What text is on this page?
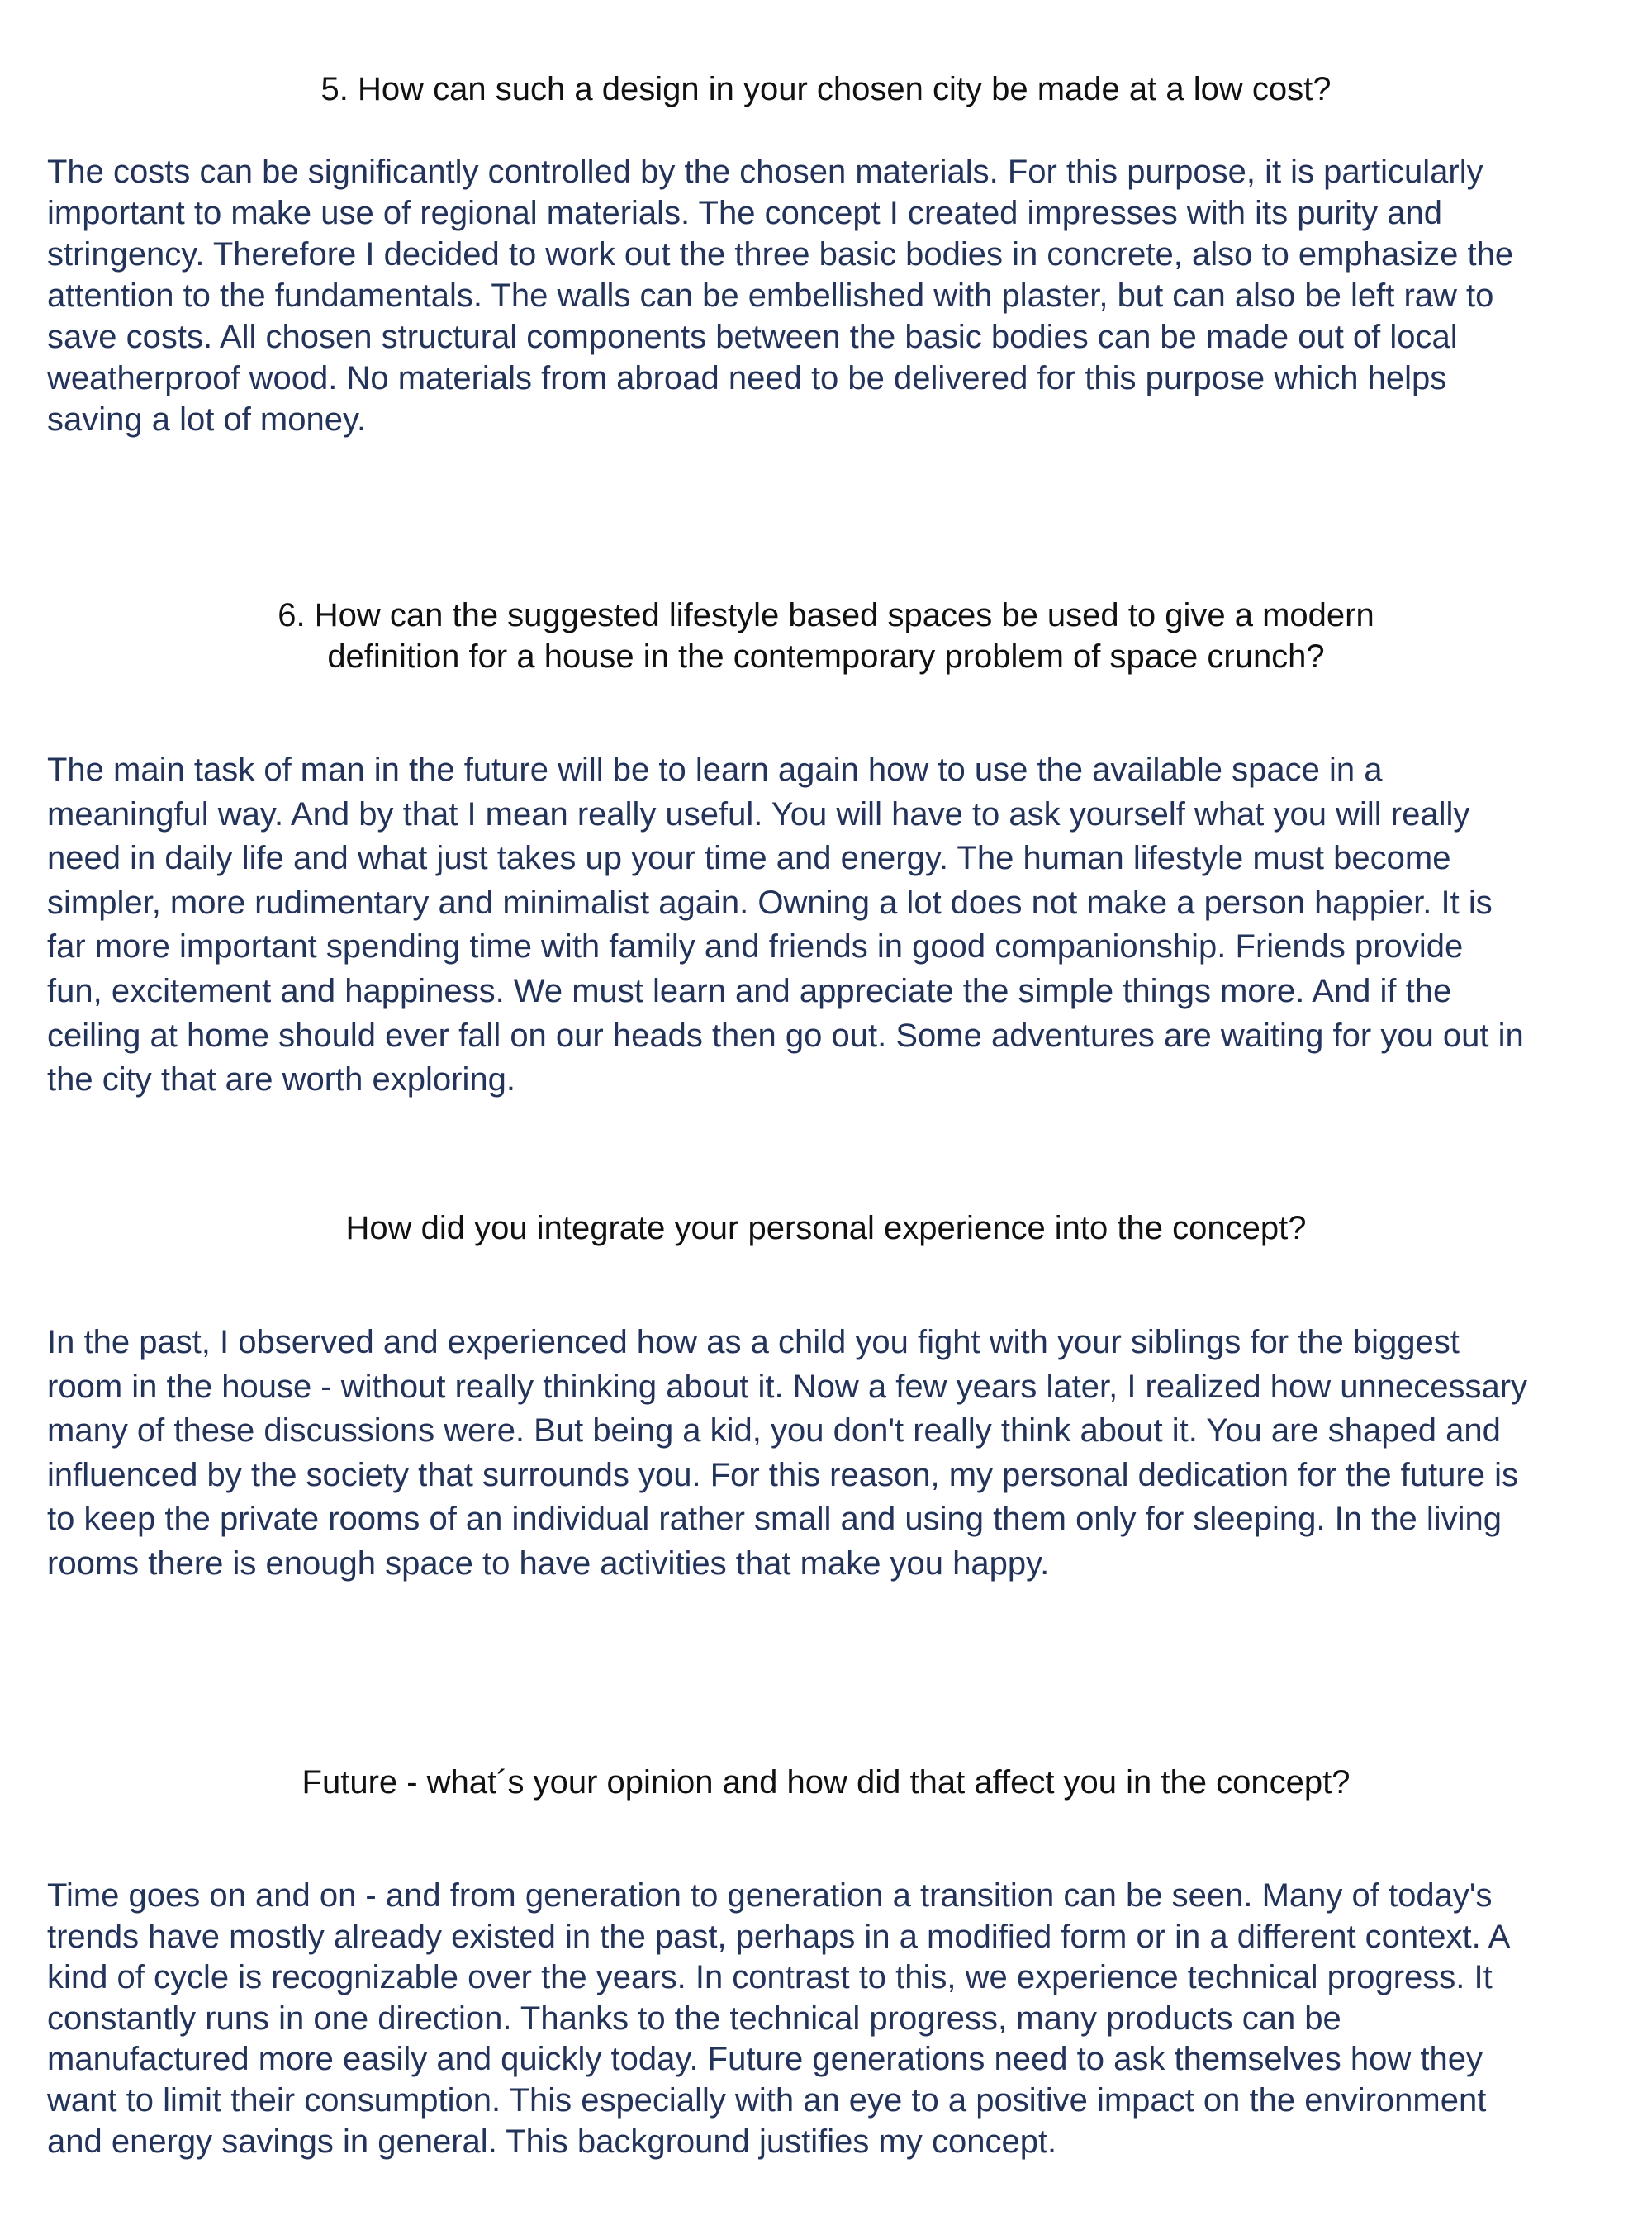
5. How can such a design in your chosen city be made at a low cost?
The costs can be significantly controlled by the chosen materials. For this purpose, it is particularly
important to make use of regional materials. The concept I created impresses with its purity and
stringency. Therefore I decided to work out the three basic bodies in concrete, also to emphasize the
attention to the fundamentals. The walls can be embellished with plaster, but can also be left raw to
save costs. All chosen structural components between the basic bodies can be made out of local
weatherproof wood. No materials from abroad need to be delivered for this purpose which helps
saving a lot of money.
6. How can the suggested lifestyle based spaces be used to give a modern
definition for a house in the contemporary problem of space crunch?
The main task of man in the future will be to learn again how to use the available space in a
meaningful way. And by that I mean really useful. You will have to ask yourself what you will really
need in daily life and what just takes up your time and energy. The human lifestyle must become
simpler, more rudimentary and minimalist again. Owning a lot does not make a person happier. It is
far more important spending time with family and friends in good companionship. Friends provide
fun, excitement and happiness. We must learn and appreciate the simple things more. And if the
ceiling at home should ever fall on our heads then go out. Some adventures are waiting for you out in
the city that are worth exploring.
How did you integrate your personal experience into the concept?
In the past, I observed and experienced how as a child you fight with your siblings for the biggest
room in the house - without really thinking about it. Now a few years later, I realized how unnecessary
many of these discussions were. But being a kid, you don't really think about it. You are shaped and
influenced by the society that surrounds you. For this reason, my personal dedication for the future is
to keep the private rooms of an individual rather small and using them only for sleeping. In the living
rooms there is enough space to have activities that make you happy.
Future - what´s your opinion and how did that affect you in the concept?
Time goes on and on - and from generation to generation a transition can be seen. Many of today's
trends have mostly already existed in the past, perhaps in a modified form or in a different context. A
kind of cycle is recognizable over the years. In contrast to this, we experience technical progress. It
constantly runs in one direction. Thanks to the technical progress, many products can be
manufactured more easily and quickly today. Future generations need to ask themselves how they
want to limit their consumption. This especially with an eye to a positive impact on the environment
and energy savings in general. This background justifies my concept.
